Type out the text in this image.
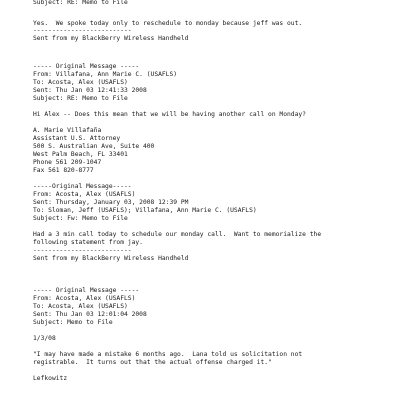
Subject: RE: Memo to File
Yes.  We spoke today only to reschedule to monday because jeff was out.
--------------------------
Sent from my BlackBerry Wireless Handheld
----- Original Message -----
From: Villafana, Ann Marie C. (USAFLS)
To: Acosta, Alex (USAFLS)
Sent: Thu Jan 03 12:41:33 2008
Subject: RE: Memo to File
Hi Alex -- Does this mean that we will be having another call on Monday?
A. Marie Villafaña
Assistant U.S. Attorney
500 S. Australian Ave, Suite 400
West Palm Beach, FL 33401
Phone 561 209-1047
Fax 561 820-8777
-----Original Message-----
From: Acosta, Alex (USAFLS)
Sent: Thursday, January 03, 2008 12:39 PM
To: Sloman, Jeff (USAFLS); Villafana, Ann Marie C. (USAFLS)
Subject: Fw: Memo to File
Had a 3 min call today to schedule our monday call.  Want to memorialize the
following statement from jay.
--------------------------
Sent from my BlackBerry Wireless Handheld
----- Original Message -----
From: Acosta, Alex (USAFLS)
To: Acosta, Alex (USAFLS)
Sent: Thu Jan 03 12:01:04 2008
Subject: Memo to File
1/3/08
"I may have made a mistake 6 months ago.  Lana told us solicitation not
registrable.  It turns out that the actual offense charged it."
Lefkowitz
